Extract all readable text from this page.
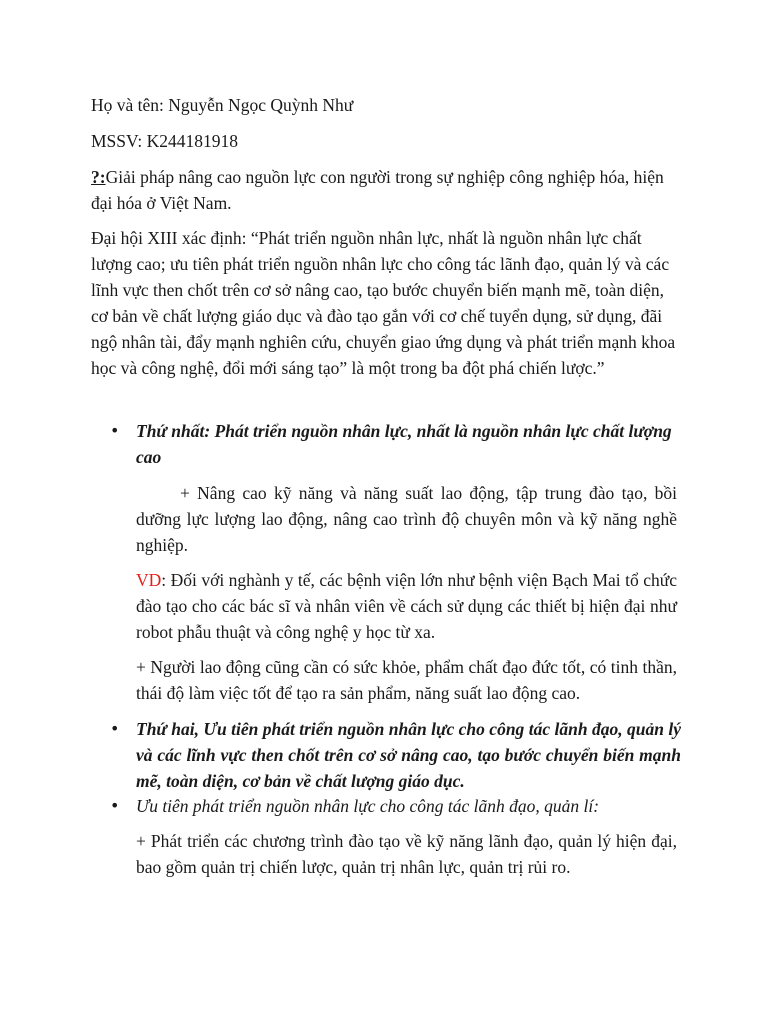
Họ và tên: Nguyễn Ngọc Quỳnh Như

MSSV: K244181918

?:Giải pháp nâng cao nguồn lực con người trong sự nghiệp công nghiệp hóa, hiện đại hóa ở Việt Nam.

Đại hội XIII xác định: “Phát triển nguồn nhân lực, nhất là nguồn nhân lực chất lượng cao; ưu tiên phát triển nguồn nhân lực cho công tác lãnh đạo, quản lý và các lĩnh vực then chốt trên cơ sở nâng cao, tạo bước chuyển biến mạnh mẽ, toàn diện, cơ bản về chất lượng giáo dục và đào tạo gắn với cơ chế tuyển dụng, sử dụng, đãi ngộ nhân tài, đẩy mạnh nghiên cứu, chuyển giao ứng dụng và phát triển mạnh khoa học và công nghệ, đổi mới sáng tạo” là một trong ba đột phá chiến lược.”

• Thứ nhất: Phát triển nguồn nhân lực, nhất là nguồn nhân lực chất lượng cao

+ Nâng cao kỹ năng và năng suất lao động, tập trung đào tạo, bồi dưỡng lực lượng lao động, nâng cao trình độ chuyên môn và kỹ năng nghề nghiệp.

VD: Đối với nghành y tế, các bệnh viện lớn như bệnh viện Bạch Mai tổ chức đào tạo cho các bác sĩ và nhân viên về cách sử dụng các thiết bị hiện đại như robot phẫu thuật và công nghệ y học từ xa.

+ Người lao động cũng cần có sức khỏe, phẩm chất đạo đức tốt, có tinh thần, thái độ làm việc tốt để tạo ra sản phẩm, năng suất lao động cao.

• Thứ hai, Ưu tiên phát triển nguồn nhân lực cho công tác lãnh đạo, quản lý và các lĩnh vực then chốt trên cơ sở nâng cao, tạo bước chuyển biến mạnh mẽ, toàn diện, cơ bản về chất lượng giáo dục.
• Ưu tiên phát triển nguồn nhân lực cho công tác lãnh đạo, quản lí:

+ Phát triển các chương trình đào tạo về kỹ năng lãnh đạo, quản lý hiện đại, bao gồm quản trị chiến lược, quản trị nhân lực, quản trị rủi ro.
